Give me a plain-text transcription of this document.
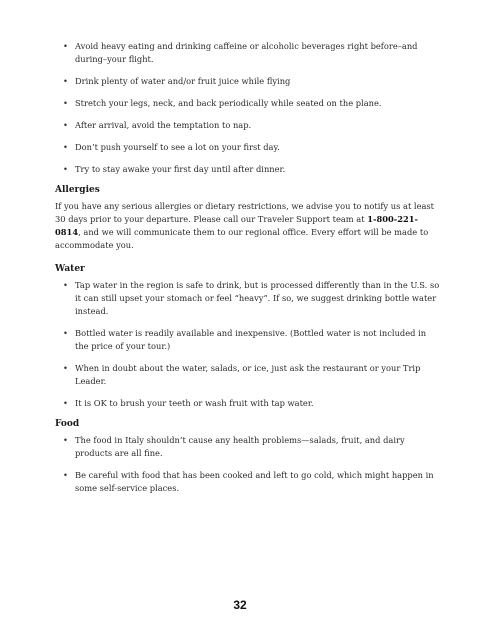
• Avoid heavy eating and drinking caffeine or alcoholic beverages right before–and during–your flight.
• Drink plenty of water and/or fruit juice while flying
• Stretch your legs, neck, and back periodically while seated on the plane.
• After arrival, avoid the temptation to nap.
• Don’t push yourself to see a lot on your first day.
• Try to stay awake your first day until after dinner.
Allergies

If you have any serious allergies or dietary restrictions, we advise you to notify us at least 30 days prior to your departure. Please call our Traveler Support team at 1-800-221-0814, and we will communicate them to our regional office. Every effort will be made to accommodate you.

Water
• Tap water in the region is safe to drink, but is processed differently than in the U.S. so it can still upset your stomach or feel “heavy”. If so, we suggest drinking bottle water instead.
• Bottled water is readily available and inexpensive. (Bottled water is not included in the price of your tour.)
• When in doubt about the water, salads, or ice, just ask the restaurant or your Trip Leader.
• It is OK to brush your teeth or wash fruit with tap water.
Food
• The food in Italy shouldn’t cause any health problems—salads, fruit, and dairy products are all fine.
• Be careful with food that has been cooked and left to go cold, which might happen in some self-service places.
32
